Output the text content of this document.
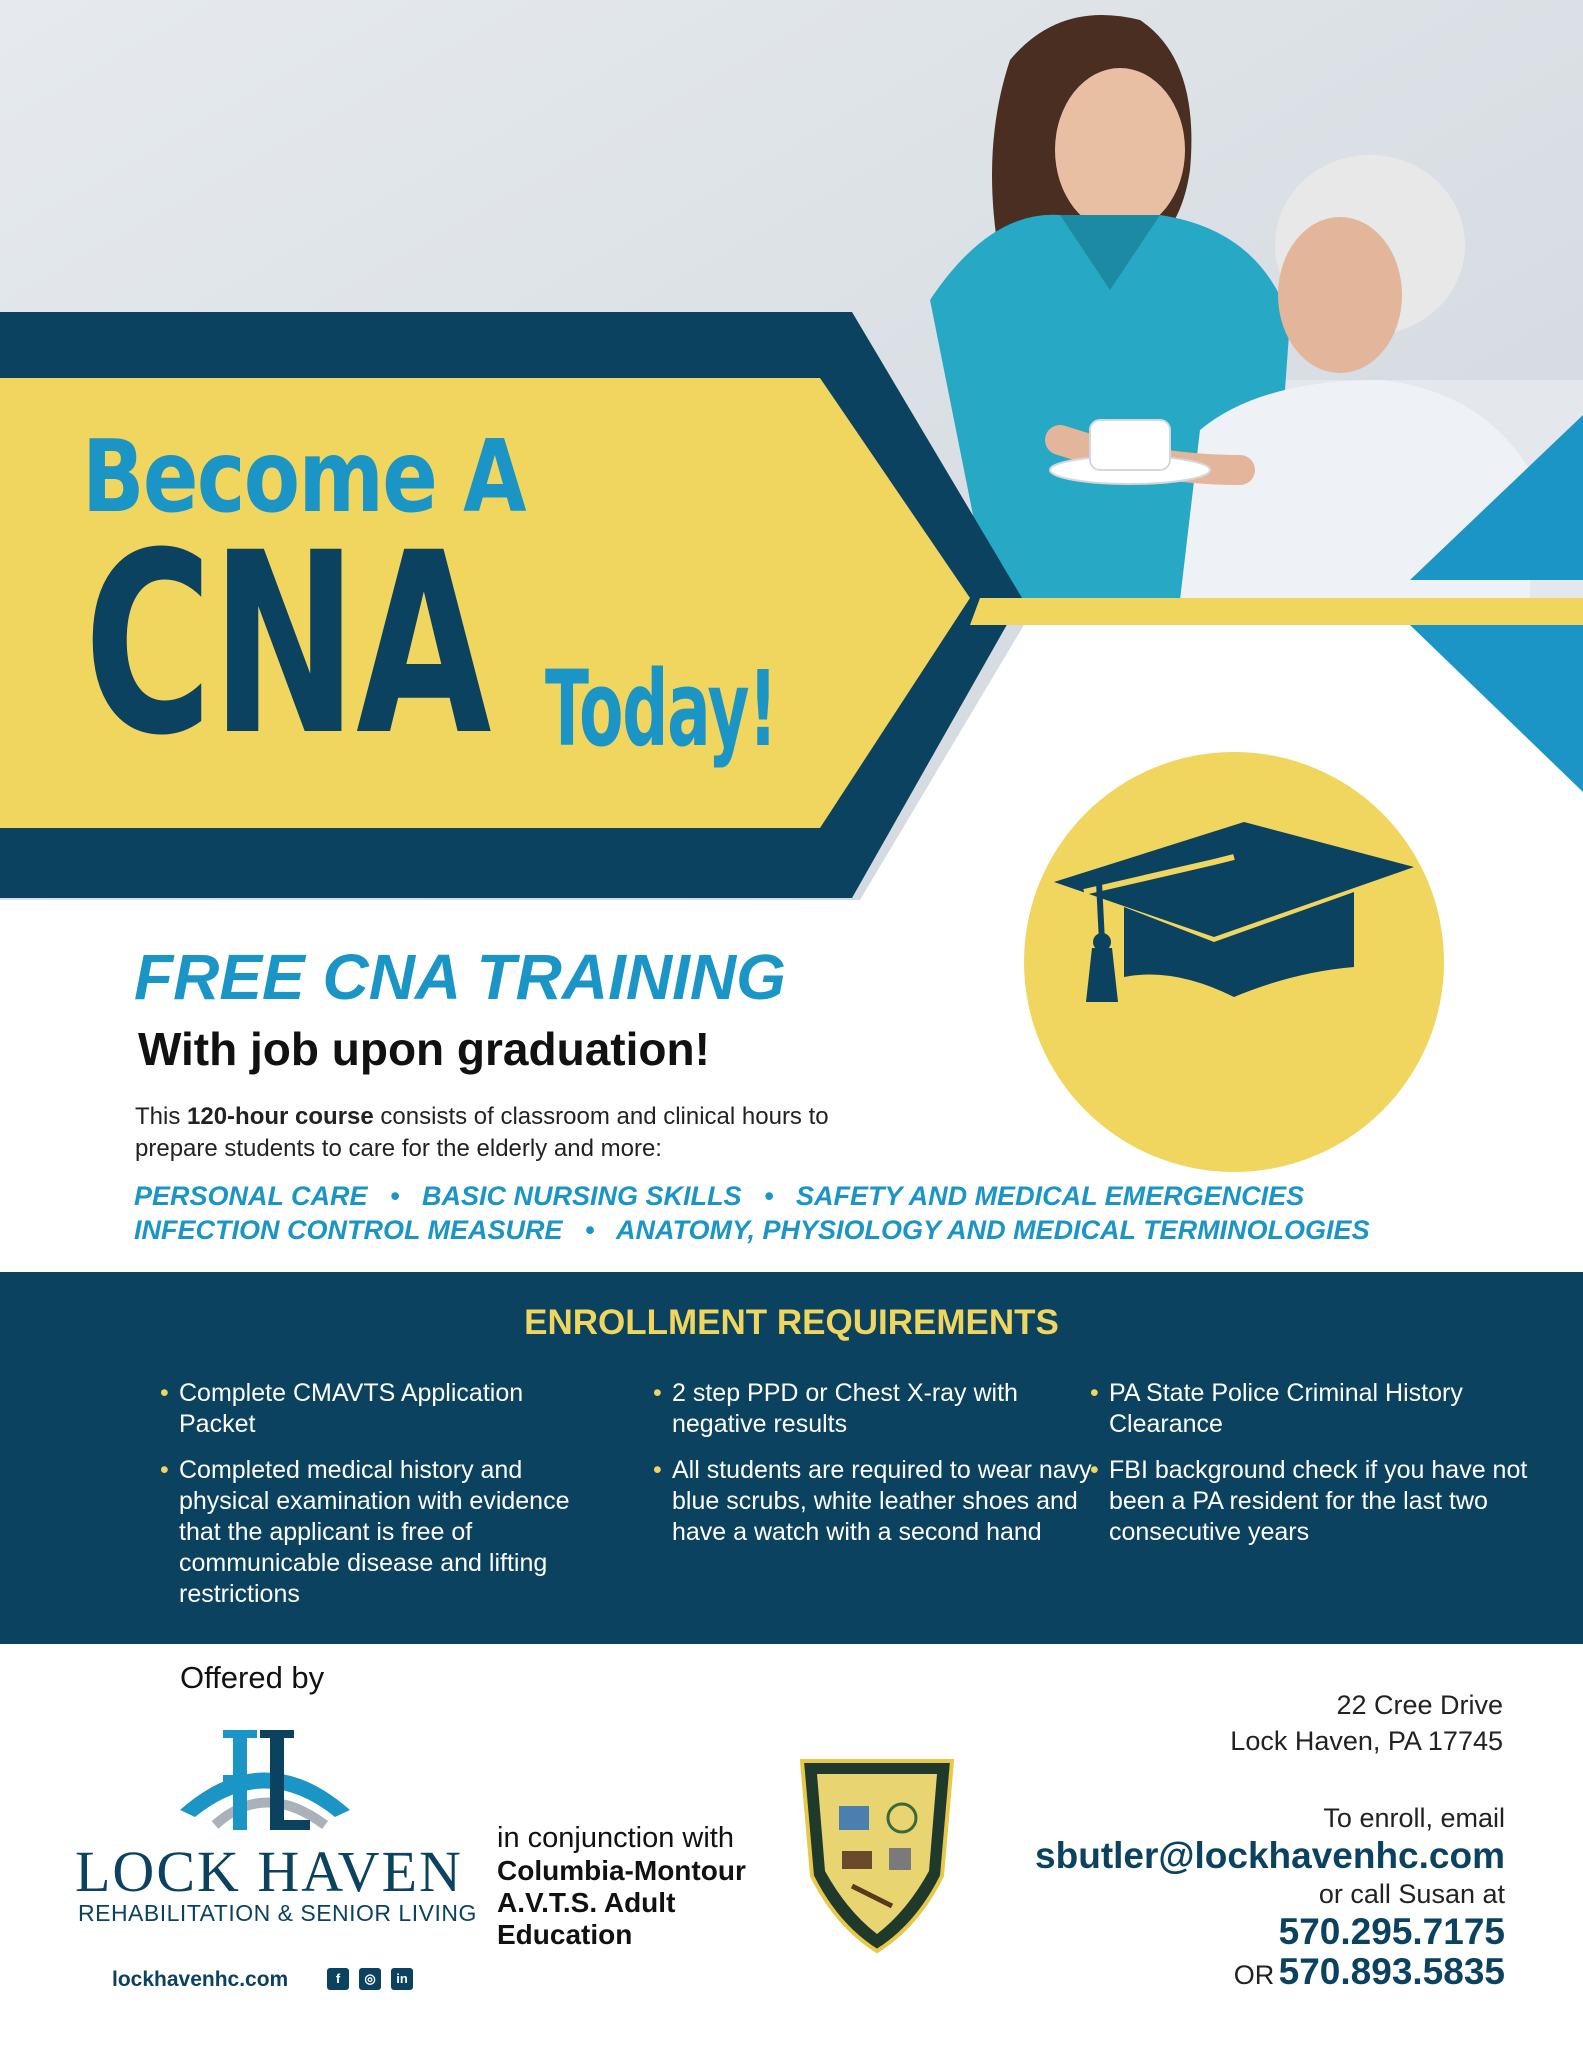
Become A
CNA Today!
FREE CNA TRAINING
With job upon graduation!
This 120-hour course consists of classroom and clinical hours to prepare students to care for the elderly and more:
PERSONAL CARE • BASIC NURSING SKILLS • SAFETY AND MEDICAL EMERGENCIES
INFECTION CONTROL MEASURE • ANATOMY, PHYSIOLOGY AND MEDICAL TERMINOLOGIES
ENROLLMENT REQUIREMENTS
• Complete CMAVTS Application Packet
• Completed medical history and physical examination with evidence that the applicant is free of communicable disease and lifting restrictions
• 2 step PPD or Chest X-ray with negative results
• All students are required to wear navy blue scrubs, white leather shoes and have a watch with a second hand
• PA State Police Criminal History Clearance
• FBI background check if you have not been a PA resident for the last two consecutive years
Offered by
LOCK HAVEN
REHABILITATION & SENIOR LIVING
lockhavenhc.com	f	◎	in
in conjunction with
Columbia-Montour A.V.T.S. Adult Education
22 Cree Drive
Lock Haven, PA 17745
To enroll, email
sbutler@lockhavenhc.com
or call Susan at
570.295.7175
OR 570.893.5835
